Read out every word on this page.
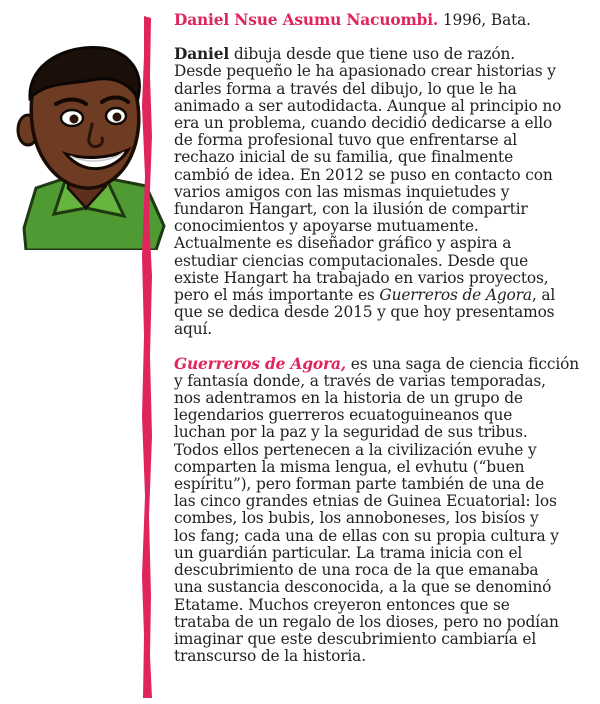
Daniel Nsue Asumu Nacuombi. 1996, Bata.
Daniel dibuja desde que tiene uso de razón.
Desde pequeño le ha apasionado crear historias y
darles forma a través del dibujo, lo que le ha
animado a ser autodidacta. Aunque al principio no
era un problema, cuando decidió dedicarse a ello
de forma profesional tuvo que enfrentarse al
rechazo inicial de su familia, que finalmente
cambió de idea. En 2012 se puso en contacto con
varios amigos con las mismas inquietudes y
fundaron Hangart, con la ilusión de compartir
conocimientos y apoyarse mutuamente.
Actualmente es diseñador gráfico y aspira a
estudiar ciencias computacionales. Desde que
existe Hangart ha trabajado en varios proyectos,
pero el más importante es Guerreros de Agora, al
que se dedica desde 2015 y que hoy presentamos
aquí.
Guerreros de Agora, es una saga de ciencia ficción
y fantasía donde, a través de varias temporadas,
nos adentramos en la historia de un grupo de
legendarios guerreros ecuatoguineanos que
luchan por la paz y la seguridad de sus tribus.
Todos ellos pertenecen a la civilización evuhe y
comparten la misma lengua, el evhutu (“buen
espíritu”), pero forman parte también de una de
las cinco grandes etnias de Guinea Ecuatorial: los
combes, los bubis, los annoboneses, los bisíos y
los fang; cada una de ellas con su propia cultura y
un guardián particular. La trama inicia con el
descubrimiento de una roca de la que emanaba
una sustancia desconocida, a la que se denominó
Etatame. Muchos creyeron entonces que se
trataba de un regalo de los dioses, pero no podían
imaginar que este descubrimiento cambiaría el
transcurso de la historia.
